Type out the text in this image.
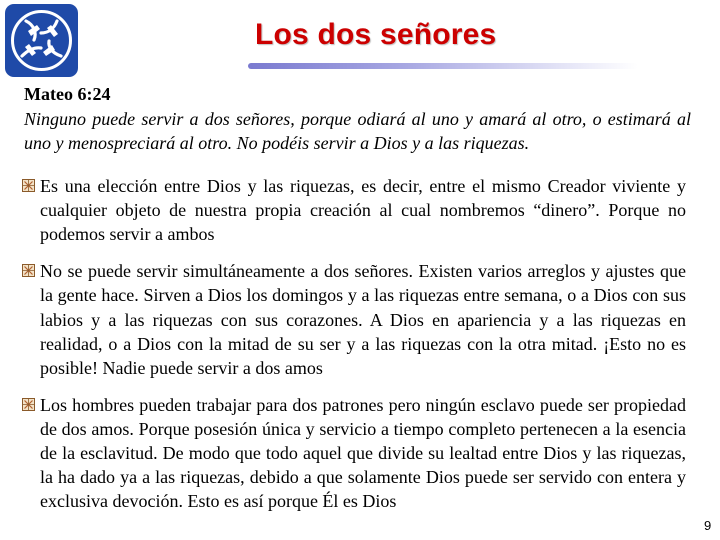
Los dos señores
Mateo 6:24
Ninguno puede servir a dos señores, porque odiará al uno y amará al otro, o estimará al uno y menospreciará al otro. No podéis servir a Dios y a las riquezas.
Es una elección entre Dios y las riquezas, es decir, entre el mismo Creador viviente y cualquier objeto de nuestra propia creación al cual nombremos “dinero”. Porque no podemos servir a ambos
No se puede servir simultáneamente a dos señores. Existen varios arreglos y ajustes que la gente hace. Sirven a Dios los domingos y a las riquezas entre semana, o a Dios con sus labios y a las riquezas con sus corazones. A Dios en apariencia y a las riquezas en realidad, o a Dios con la mitad de su ser y a las riquezas con la otra mitad. ¡Esto no es posible! Nadie puede servir a dos amos
Los hombres pueden trabajar para dos patrones pero ningún esclavo puede ser propiedad de dos amos. Porque posesión única y servicio a tiempo completo pertenecen a la esencia de la esclavitud. De modo que todo aquel que divide su lealtad entre Dios y las riquezas, la ha dado ya a las riquezas, debido a que solamente Dios puede ser servido con entera y exclusiva devoción. Esto es así porque Él es Dios
9
